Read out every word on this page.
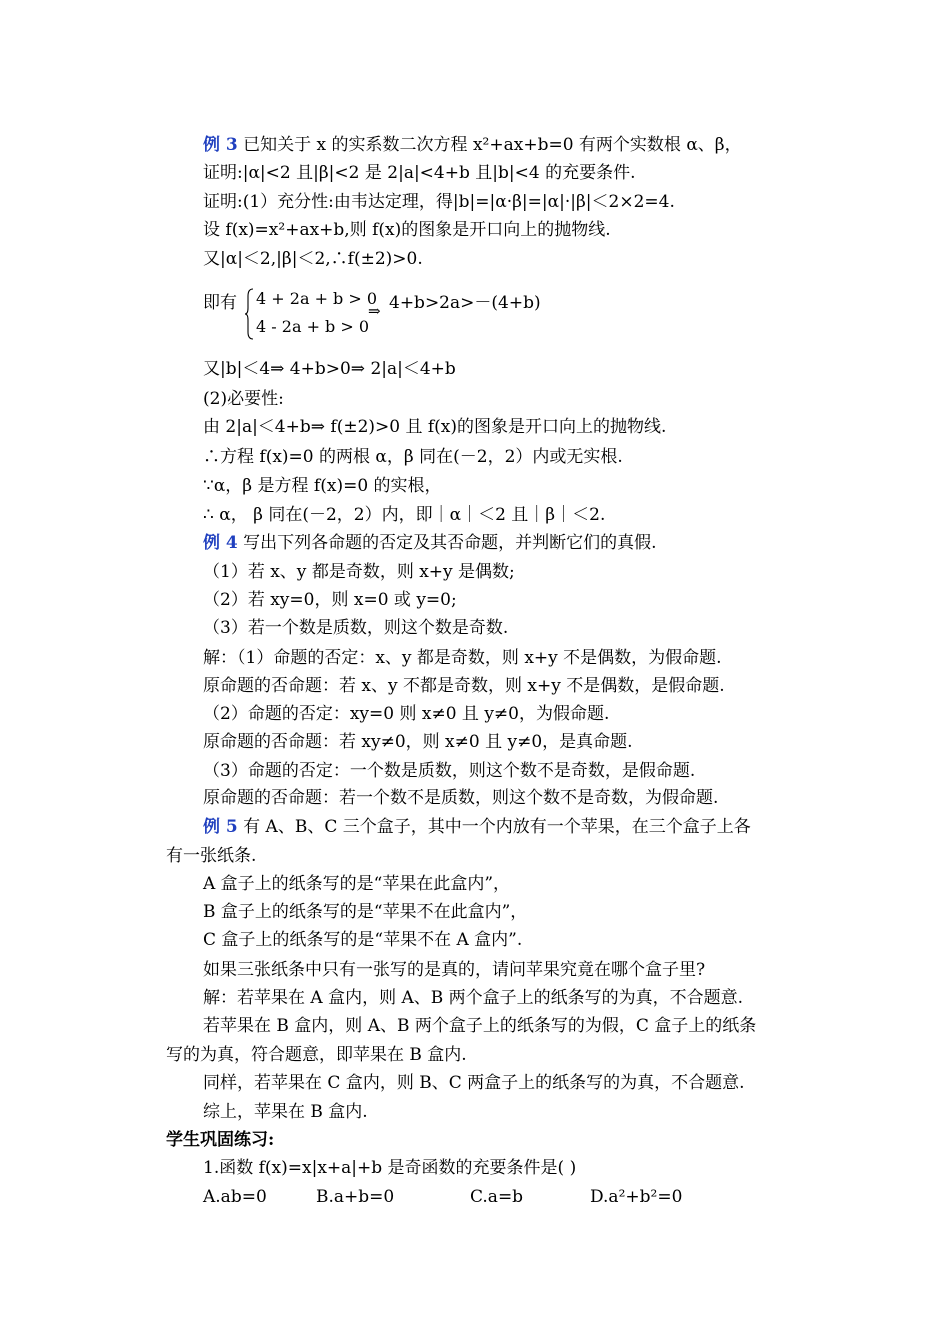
例 3 已知关于 x 的实系数二次方程 x²+ax+b=0 有两个实数根 α、β，
证明:|α|<2 且|β|<2 是 2|a|<4+b 且|b|<4 的充要条件.
证明:(1）充分性:由韦达定理，得|b|=|α·β|=|α|·|β|＜2×2=4.
设 f(x)=x²+ax+b,则 f(x)的图象是开口向上的抛物线.
又|α|＜2,|β|＜2,∴f(±2)>0.
又|b|＜4⇒ 4+b>0⇒ 2|a|＜4+b
(2)必要性:
由 2|a|＜4+b⇒ f(±2)>0 且 f(x)的图象是开口向上的抛物线.
∴方程 f(x)=0 的两根 α，β 同在(－2，2）内或无实根.
∵α，β 是方程 f(x)=0 的实根，
∴ α， β 同在(－2，2）内，即｜α｜＜2 且｜β｜＜2.
例 4 写出下列各命题的否定及其否命题，并判断它们的真假.
（1）若 x、y 都是奇数，则 x+y 是偶数;
（2）若 xy=0，则 x=0 或 y=0;
（3）若一个数是质数，则这个数是奇数.
解：（1）命题的否定：x、y 都是奇数，则 x+y 不是偶数，为假命题.
原命题的否命题：若 x、y 不都是奇数，则 x+y 不是偶数，是假命题.
（2）命题的否定：xy=0 则 x≠0 且 y≠0，为假命题.
原命题的否命题：若 xy≠0，则 x≠0 且 y≠0，是真命题.
（3）命题的否定：一个数是质数，则这个数不是奇数，是假命题.
原命题的否命题：若一个数不是质数，则这个数不是奇数，为假命题.
例 5 有 A、B、C 三个盒子，其中一个内放有一个苹果，在三个盒子上各
有一张纸条.
A 盒子上的纸条写的是“苹果在此盒内”，
B 盒子上的纸条写的是“苹果不在此盒内”，
C 盒子上的纸条写的是“苹果不在 A 盒内”.
如果三张纸条中只有一张写的是真的，请问苹果究竟在哪个盒子里?
解：若苹果在 A 盒内，则 A、B 两个盒子上的纸条写的为真，不合题意.
若苹果在 B 盒内，则 A、B 两个盒子上的纸条写的为假，C 盒子上的纸条
写的为真，符合题意，即苹果在 B 盒内.
同样，若苹果在 C 盒内，则 B、C 两盒子上的纸条写的为真，不合题意.
综上，苹果在 B 盒内.
学生巩固练习:
1.函数 f(x)=x|x+a|+b 是奇函数的充要条件是( )
即有 4 + 2a + b > 0
4 - 2a + b > 0
⇒ 4+b>2a>－(4+b)
A.ab=0	B.a+b=0	C.a=b	D.a²+b²=0
